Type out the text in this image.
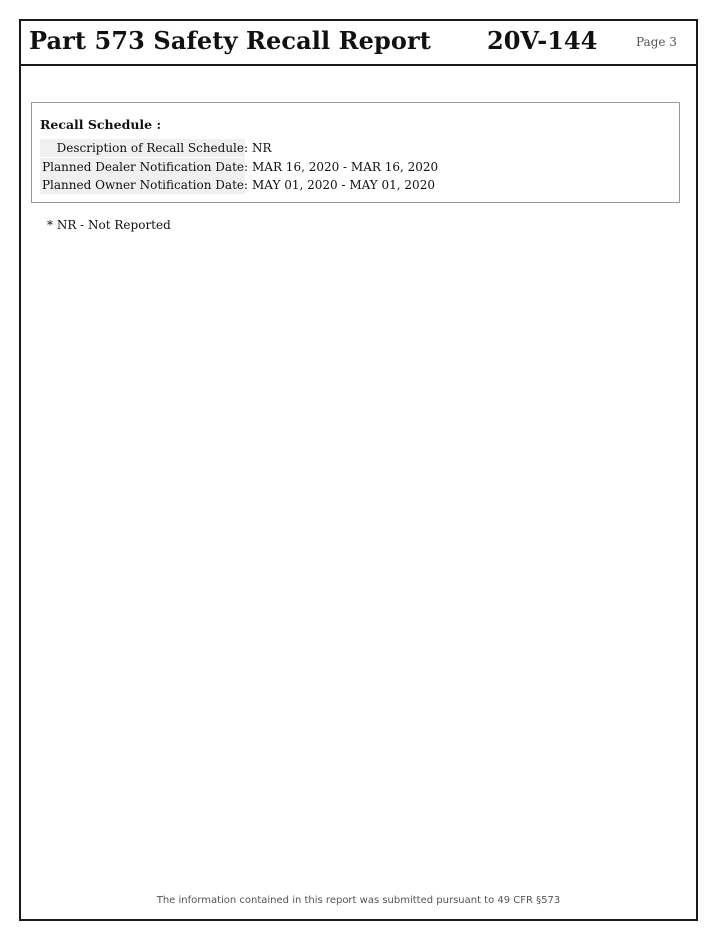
Part 573 Safety Recall Report 20V-144	Page 3
Recall Schedule :
Description of Recall Schedule : NR
Planned Dealer Notification Date : MAR 16, 2020 - MAR 16, 2020
Planned Owner Notification Date : MAY 01, 2020 - MAY 01, 2020
* NR - Not Reported
The information contained in this report was submitted pursuant to 49 CFR §573
